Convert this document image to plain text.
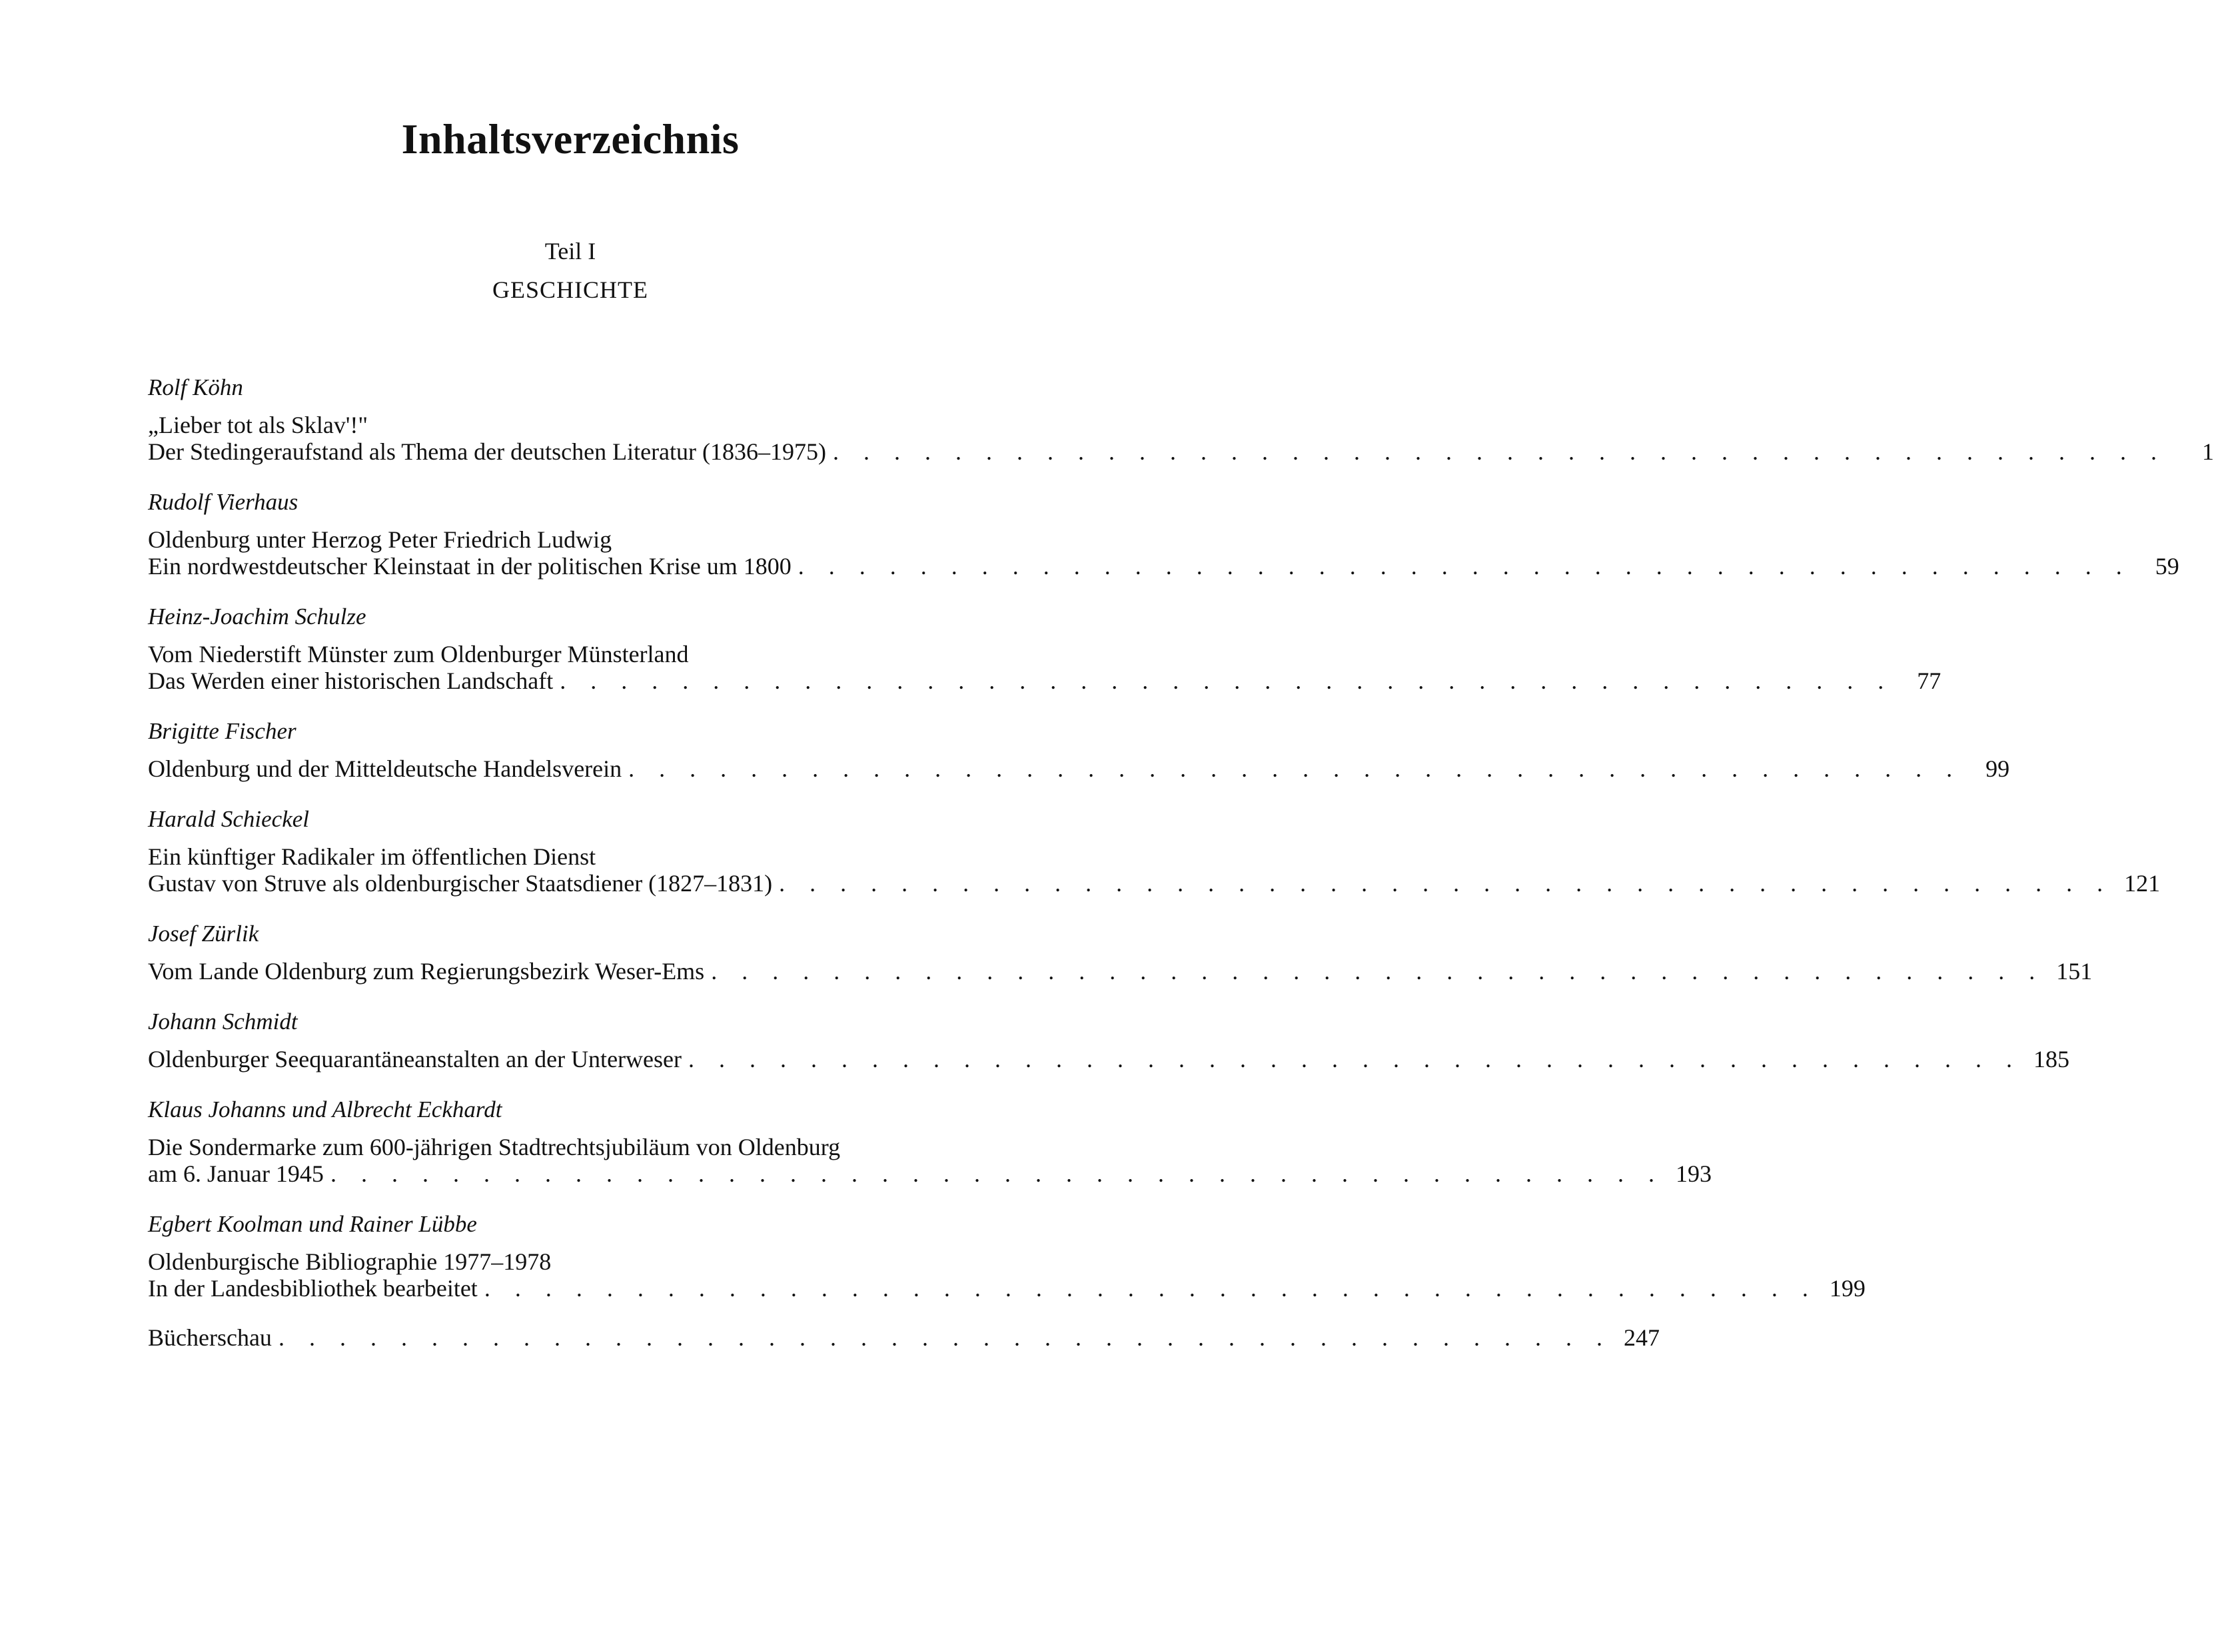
Inhaltsverzeichnis
Teil I
GESCHICHTE
Rolf Köhn
„Lieber tot als Sklav'!"
Der Stedingeraufstand als Thema der deutschen Literatur (1836–1975) . . . . . . . . . . . . . . . . . . . . . . . . . . . . . . . . . . . . . . . . . . . .	1
Rudolf Vierhaus
Oldenburg unter Herzog Peter Friedrich Ludwig
Ein nordwestdeutscher Kleinstaat in der politischen Krise um 1800 . . . . . . . . . . . . . . . . . . . . . . . . . . . . . . . . . . . . . . . . . . . .	59
Heinz-Joachim Schulze
Vom Niederstift Münster zum Oldenburger Münsterland
Das Werden einer historischen Landschaft . . . . . . . . . . . . . . . . . . . . . . . . . . . . . . . . . . . . . . . . . . . .	77
Brigitte Fischer
Oldenburg und der Mitteldeutsche Handelsverein . . . . . . . . . . . . . . . . . . . . . . . . . . . . . . . . . . . . . . . . . . . .	99
Harald Schieckel
Ein künftiger Radikaler im öffentlichen Dienst
Gustav von Struve als oldenburgischer Staatsdiener (1827–1831) . . . . . . . . . . . . . . . . . . . . . . . . . . . . . . . . . . . . . . . . . . . . 121
Josef Zürlik
Vom Lande Oldenburg zum Regierungsbezirk Weser-Ems . . . . . . . . . . . . . . . . . . . . . . . . . . . . . . . . . . . . . . . . . . . . 151
Johann Schmidt
Oldenburger Seequarantäneanstalten an der Unterweser . . . . . . . . . . . . . . . . . . . . . . . . . . . . . . . . . . . . . . . . . . . . 185
Klaus Johanns und Albrecht Eckhardt
Die Sondermarke zum 600-jährigen Stadtrechtsjubiläum von Oldenburg
am 6. Januar 1945 . . . . . . . . . . . . . . . . . . . . . . . . . . . . . . . . . . . . . . . . . . . . 193
Egbert Koolman und Rainer Lübbe
Oldenburgische Bibliographie 1977–1978
In der Landesbibliothek bearbeitet . . . . . . . . . . . . . . . . . . . . . . . . . . . . . . . . . . . . . . . . . . . . 199
Bücherschau . . . . . . . . . . . . . . . . . . . . . . . . . . . . . . . . . . . . . . . . . . . . 247
